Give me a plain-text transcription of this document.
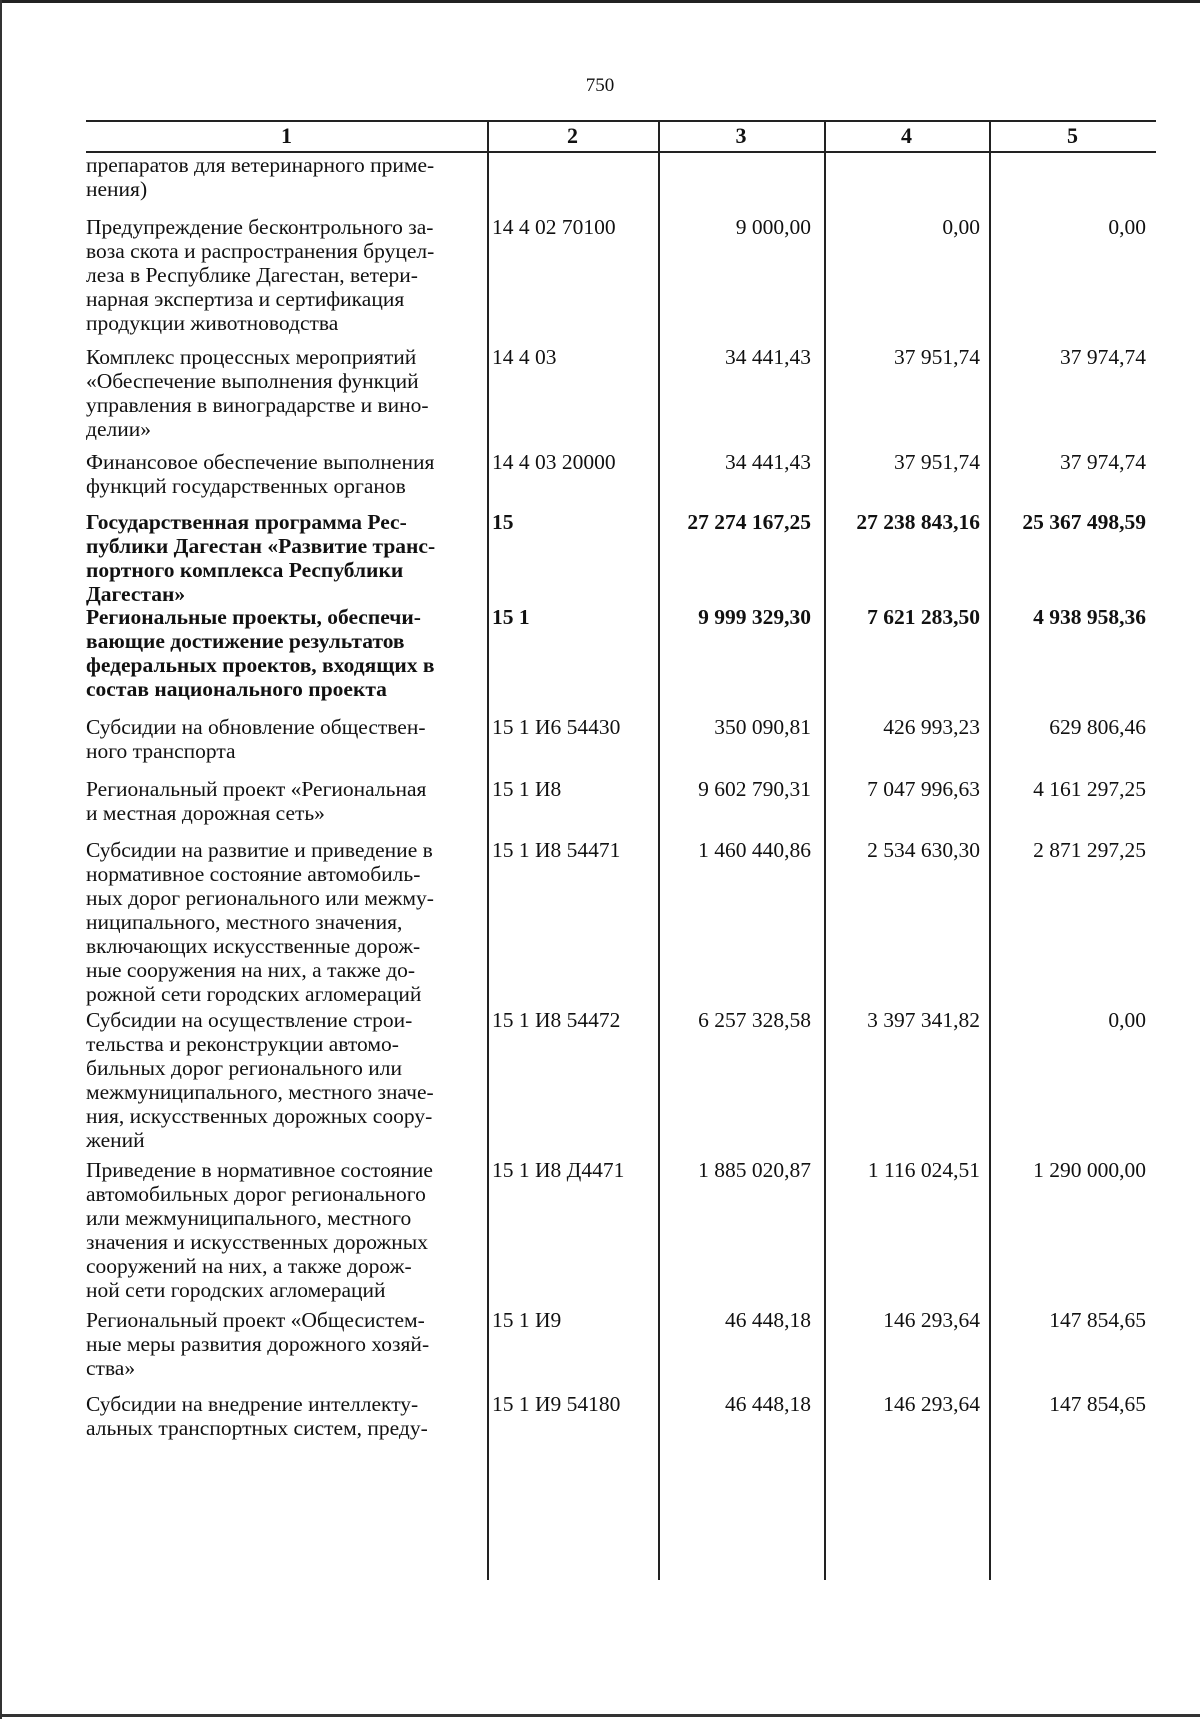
750
1	2	3	4	5
препаратов для ветеринарного приме-
нения)
Предупреждение бесконтрольного за-
воза скота и распространения бруцел-
леза в Республике Дагестан, ветери-
нарная экспертиза и сертификация
продукции животноводства
14 4 02 70100	9 000,00	0,00	0,00
Комплекс процессных мероприятий
«Обеспечение выполнения функций
управления в виноградарстве и вино-
делии»
14 4 03	34 441,43	37 951,74	37 974,74
Финансовое обеспечение выполнения
функций государственных органов
14 4 03 20000	34 441,43	37 951,74	37 974,74
Государственная программа Рес-
публики Дагестан «Развитие транс-
портного комплекса Республики
Дагестан»
15	27 274 167,25	27 238 843,16	25 367 498,59
Региональные проекты, обеспечи-
вающие достижение результатов
федеральных проектов, входящих в
состав национального проекта
15 1	9 999 329,30	7 621 283,50	4 938 958,36
Субсидии на обновление обществен-
ного транспорта
15 1 И6 54430	350 090,81	426 993,23	629 806,46
Региональный проект «Региональная
и местная дорожная сеть»
15 1 И8	9 602 790,31	7 047 996,63	4 161 297,25
Субсидии на развитие и приведение в
нормативное состояние автомобиль-
ных дорог регионального или межму-
ниципального, местного значения,
включающих искусственные дорож-
ные сооружения на них, а также до-
рожной сети городских агломераций
15 1 И8 54471	1 460 440,86	2 534 630,30	2 871 297,25
Субсидии на осуществление строи-
тельства и реконструкции автомо-
бильных дорог регионального или
межмуниципального, местного значе-
ния, искусственных дорожных соору-
жений
15 1 И8 54472	6 257 328,58	3 397 341,82	0,00
Приведение в нормативное состояние
автомобильных дорог регионального
или межмуниципального, местного
значения и искусственных дорожных
сооружений на них, а также дорож-
ной сети городских агломераций
15 1 И8 Д4471	1 885 020,87	1 116 024,51	1 290 000,00
Региональный проект «Общесистем-
ные меры развития дорожного хозяй-
ства»
15 1 И9	46 448,18	146 293,64	147 854,65
Субсидии на внедрение интеллекту-
альных транспортных систем, преду-
15 1 И9 54180	46 448,18	146 293,64	147 854,65
